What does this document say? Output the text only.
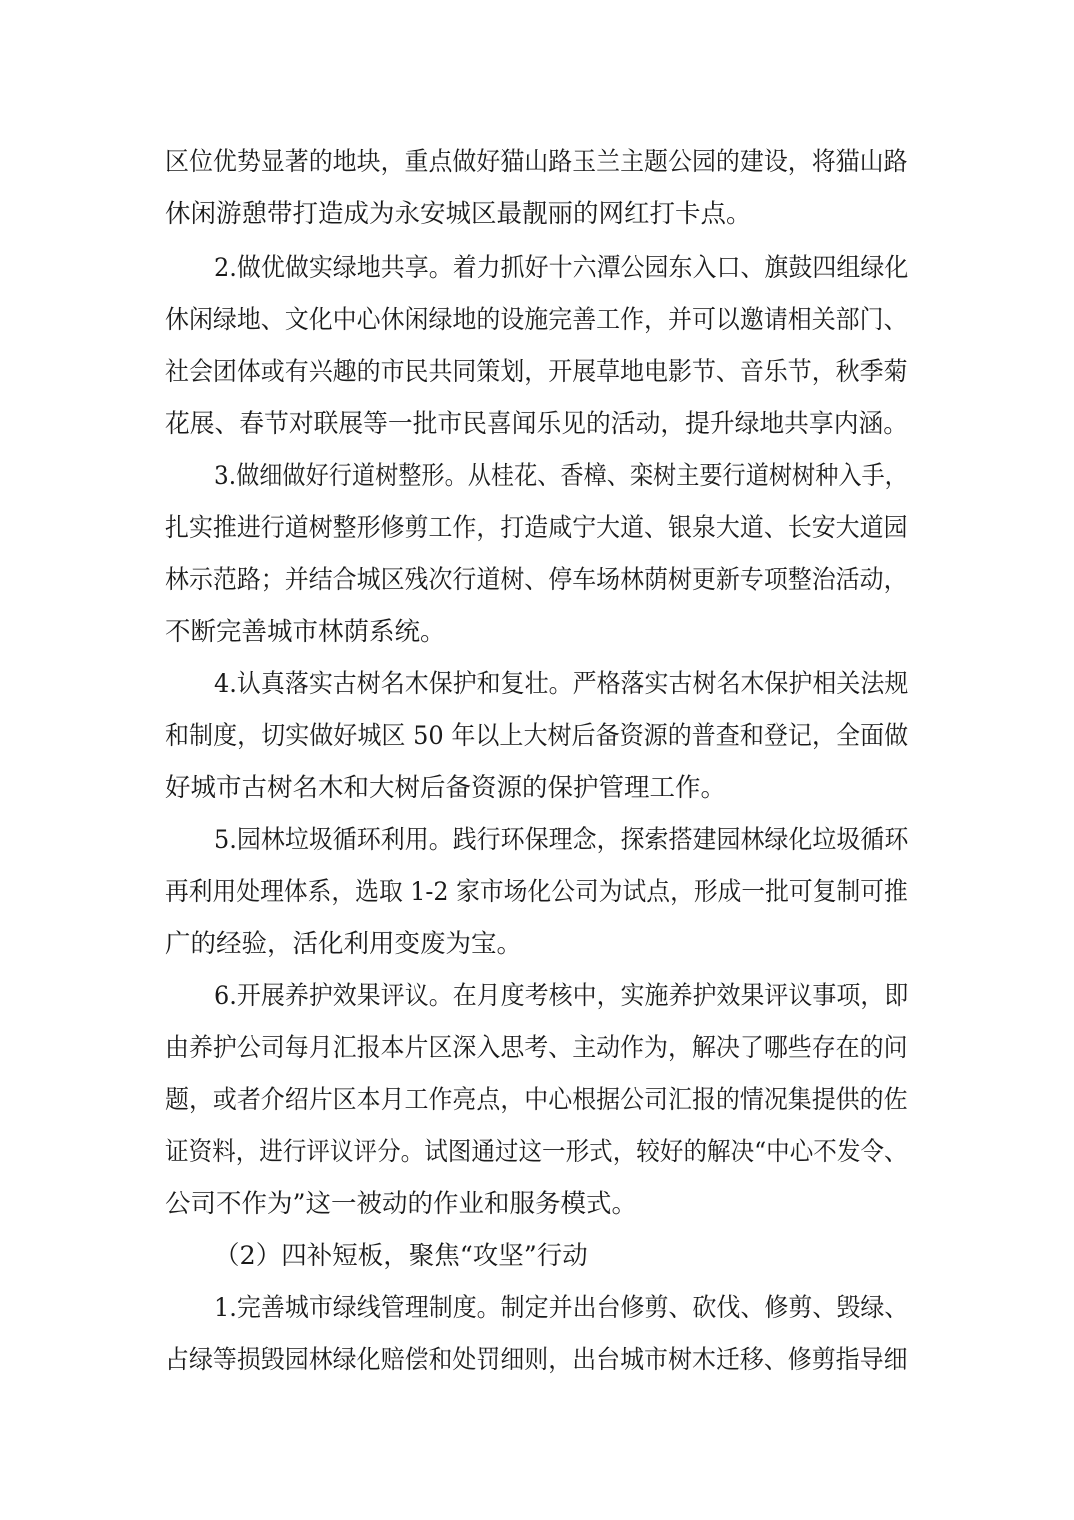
区位优势显著的地块，重点做好猫山路玉兰主题公园的建设，将猫山路
休闲游憩带打造成为永安城区最靓丽的网红打卡点。
2.做优做实绿地共享。着力抓好十六潭公园东入口、旗鼓四组绿化
休闲绿地、文化中心休闲绿地的设施完善工作，并可以邀请相关部门、
社会团体或有兴趣的市民共同策划，开展草地电影节、音乐节，秋季菊
花展、春节对联展等一批市民喜闻乐见的活动，提升绿地共享内涵。
3.做细做好行道树整形。从桂花、香樟、栾树主要行道树树种入手，
扎实推进行道树整形修剪工作，打造咸宁大道、银泉大道、长安大道园
林示范路；并结合城区残次行道树、停车场林荫树更新专项整治活动，
不断完善城市林荫系统。
4.认真落实古树名木保护和复壮。严格落实古树名木保护相关法规
和制度，切实做好城区 50 年以上大树后备资源的普查和登记，全面做
好城市古树名木和大树后备资源的保护管理工作。
5.园林垃圾循环利用。践行环保理念，探索搭建园林绿化垃圾循环
再利用处理体系，选取 1-2 家市场化公司为试点，形成一批可复制可推
广的经验，活化利用变废为宝。
6.开展养护效果评议。在月度考核中，实施养护效果评议事项，即
由养护公司每月汇报本片区深入思考、主动作为，解决了哪些存在的问
题，或者介绍片区本月工作亮点，中心根据公司汇报的情况集提供的佐
证资料，进行评议评分。试图通过这一形式，较好的解决“中心不发令、
公司不作为”这一被动的作业和服务模式。
（2）四补短板，聚焦“攻坚”行动
1.完善城市绿线管理制度。制定并出台修剪、砍伐、修剪、毁绿、
占绿等损毁园林绿化赔偿和处罚细则，出台城市树木迁移、修剪指导细
